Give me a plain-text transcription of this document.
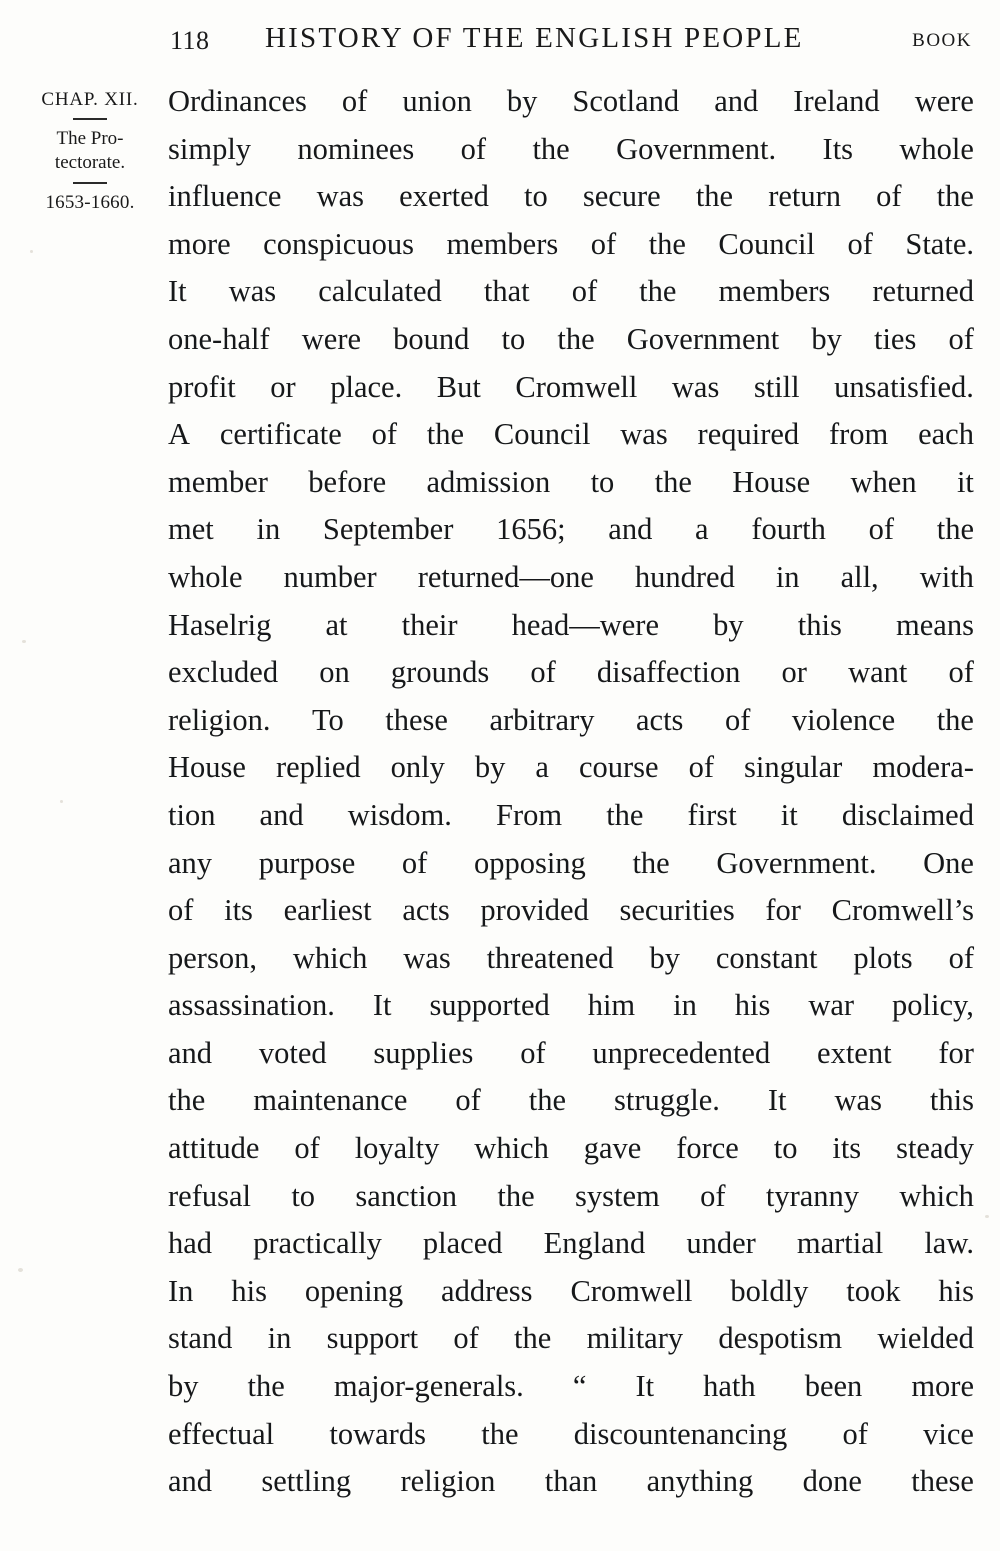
118 HISTORY OF THE ENGLISH PEOPLE	BOOK
CHAP. XII.
The Pro-
tectorate.
1653-1660.

Ordinances of union by Scotland and Ireland were
simply nominees of the Government. Its whole
influence was exerted to secure the return of the
more conspicuous members of the Council of State.
It was calculated that of the members returned
one-half were bound to the Government by ties of
profit or place. But Cromwell was still unsatisfied.
A certificate of the Council was required from each
member before admission to the House when it
met in September 1656; and a fourth of the
whole number returned—one hundred in all, with
Haselrig at their head—were by this means
excluded on grounds of disaffection or want of
religion. To these arbitrary acts of violence the
House replied only by a course of singular modera-
tion and wisdom. From the first it disclaimed
any purpose of opposing the Government. One
of its earliest acts provided securities for Cromwell’s
person, which was threatened by constant plots of
assassination. It supported him in his war policy,
and voted supplies of unprecedented extent for
the maintenance of the struggle. It was this
attitude of loyalty which gave force to its steady
refusal to sanction the system of tyranny which
had practically placed England under martial law.
In his opening address Cromwell boldly took his
stand in support of the military despotism wielded
by the major-generals. “ It hath been more
effectual towards the discountenancing of vice
and settling religion than anything done these
